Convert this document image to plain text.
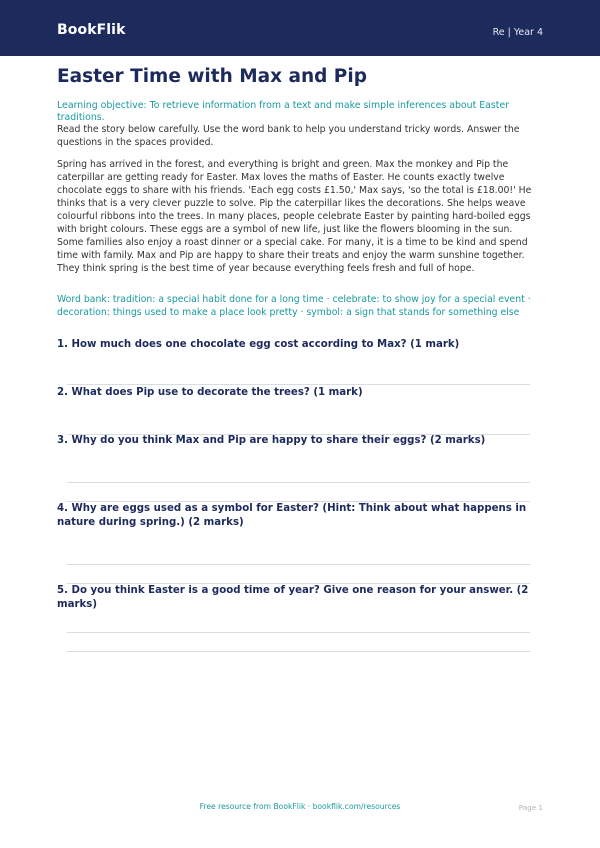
BookFlik	Re | Year 4
Easter Time with Max and Pip
Learning objective: To retrieve information from a text and make simple inferences about Easter traditions.
Read the story below carefully. Use the word bank to help you understand tricky words. Answer the questions in the spaces provided.
Spring has arrived in the forest, and everything is bright and green. Max the monkey and Pip the caterpillar are getting ready for Easter. Max loves the maths of Easter. He counts exactly twelve chocolate eggs to share with his friends. 'Each egg costs £1.50,' Max says, 'so the total is £18.00!' He thinks that is a very clever puzzle to solve. Pip the caterpillar likes the decorations. She helps weave colourful ribbons into the trees. In many places, people celebrate Easter by painting hard-boiled eggs with bright colours. These eggs are a symbol of new life, just like the flowers blooming in the sun. Some families also enjoy a roast dinner or a special cake. For many, it is a time to be kind and spend time with family. Max and Pip are happy to share their treats and enjoy the warm sunshine together. They think spring is the best time of year because everything feels fresh and full of hope.
Word bank: tradition: a special habit done for a long time · celebrate: to show joy for a special event · decoration: things used to make a place look pretty · symbol: a sign that stands for something else
1. How much does one chocolate egg cost according to Max? (1 mark)
2. What does Pip use to decorate the trees? (1 mark)
3. Why do you think Max and Pip are happy to share their eggs? (2 marks)
4. Why are eggs used as a symbol for Easter? (Hint: Think about what happens in nature during spring.) (2 marks)
5. Do you think Easter is a good time of year? Give one reason for your answer. (2 marks)
Free resource from BookFlik · bookflik.com/resources	Page 1
